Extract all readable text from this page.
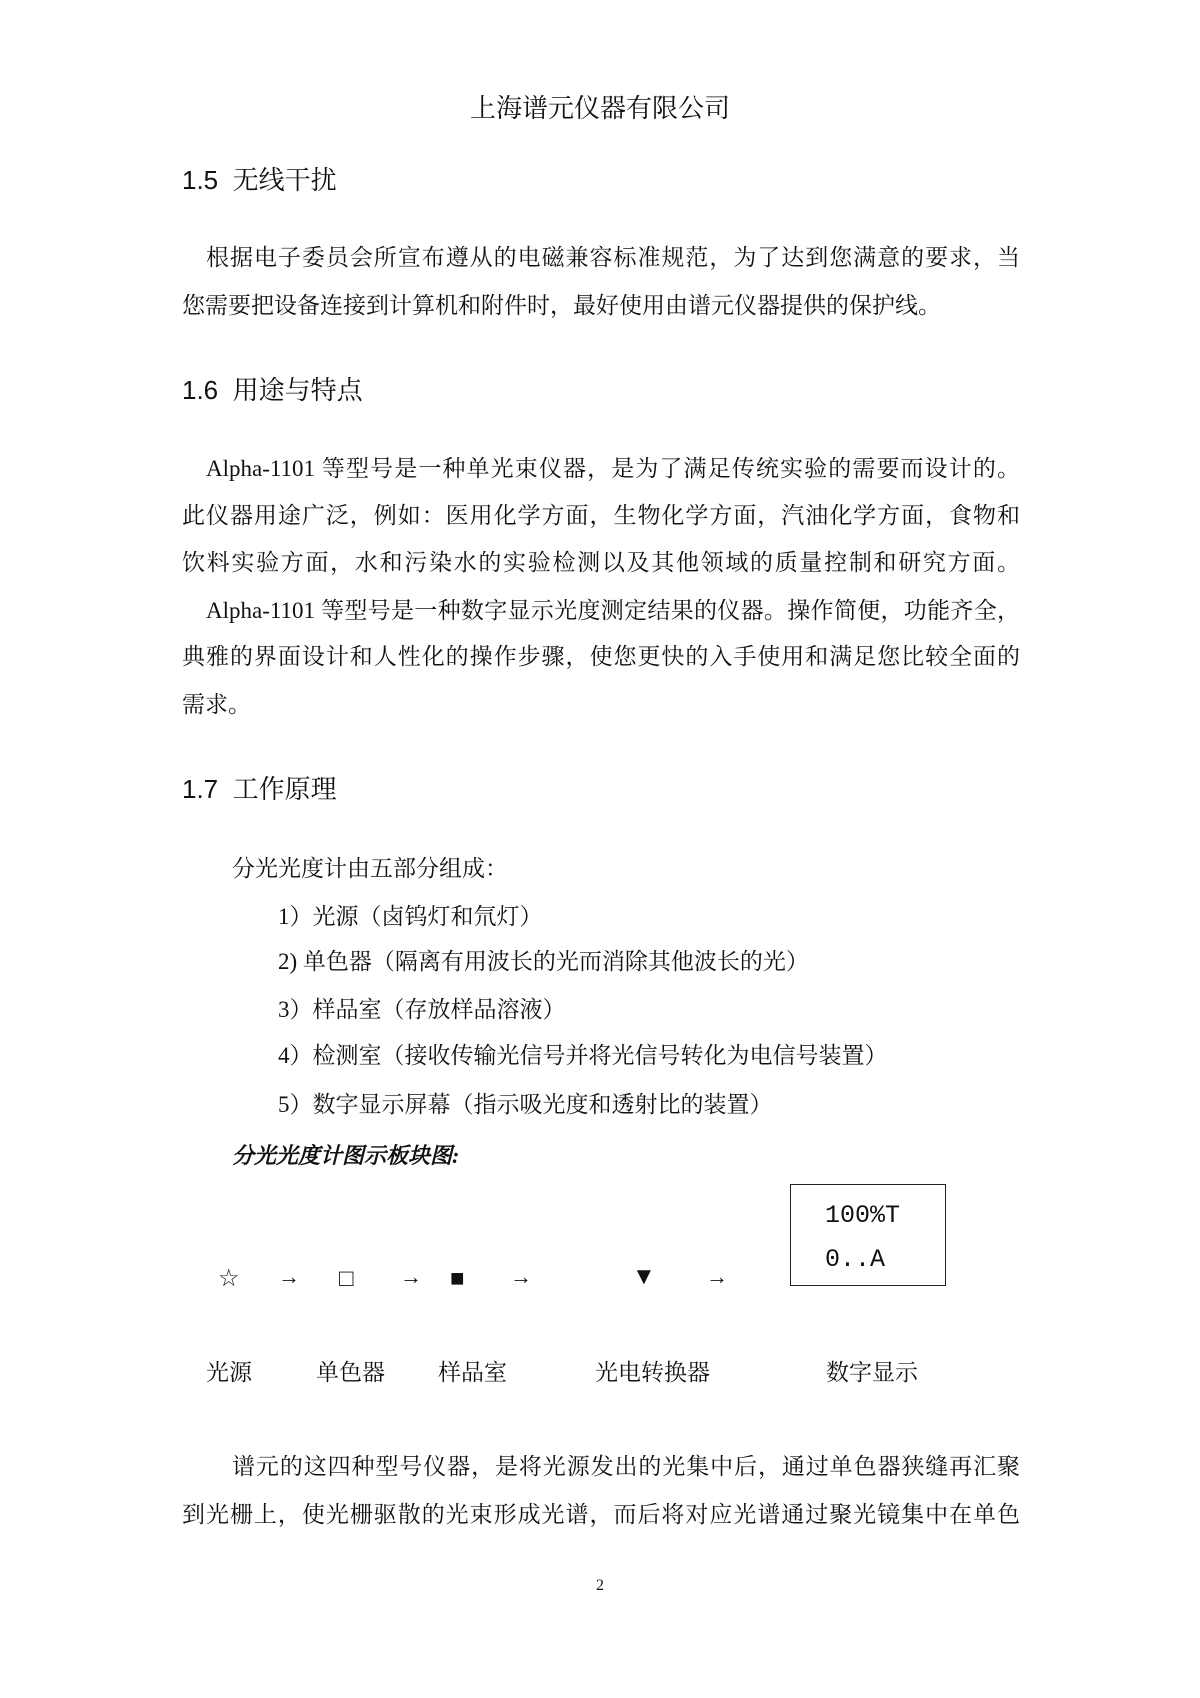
上海谱元仪器有限公司
1.5 无线干扰
根据电子委员会所宣布遵从的电磁兼容标准规范，为了达到您满意的要求，当
您需要把设备连接到计算机和附件时，最好使用由谱元仪器提供的保护线。
1.6 用途与特点
Alpha-1101 等型号是一种单光束仪器，是为了满足传统实验的需要而设计的。
此仪器用途广泛，例如：医用化学方面，生物化学方面，汽油化学方面，食物和
饮料实验方面，水和污染水的实验检测以及其他领域的质量控制和研究方面。
Alpha-1101 等型号是一种数字显示光度测定结果的仪器。操作简便，功能齐全，
典雅的界面设计和人性化的操作步骤，使您更快的入手使用和满足您比较全面的
需求。
1.7 工作原理
分光光度计由五部分组成：
1）光源（卤钨灯和氘灯）
2) 单色器（隔离有用波长的光而消除其他波长的光）
3）样品室（存放样品溶液）
4）检测室（接收传输光信号并将光信号转化为电信号装置）
5）数字显示屏幕（指示吸光度和透射比的装置）
分光光度计图示板块图:
☆ → □ → ■ →	▼ →
100%T
0..A
光源	单色器 样品室	光电转换器	数字显示
谱元的这四种型号仪器，是将光源发出的光集中后，通过单色器狭缝再汇聚
到光栅上，使光栅驱散的光束形成光谱，而后将对应光谱通过聚光镜集中在单色
2
